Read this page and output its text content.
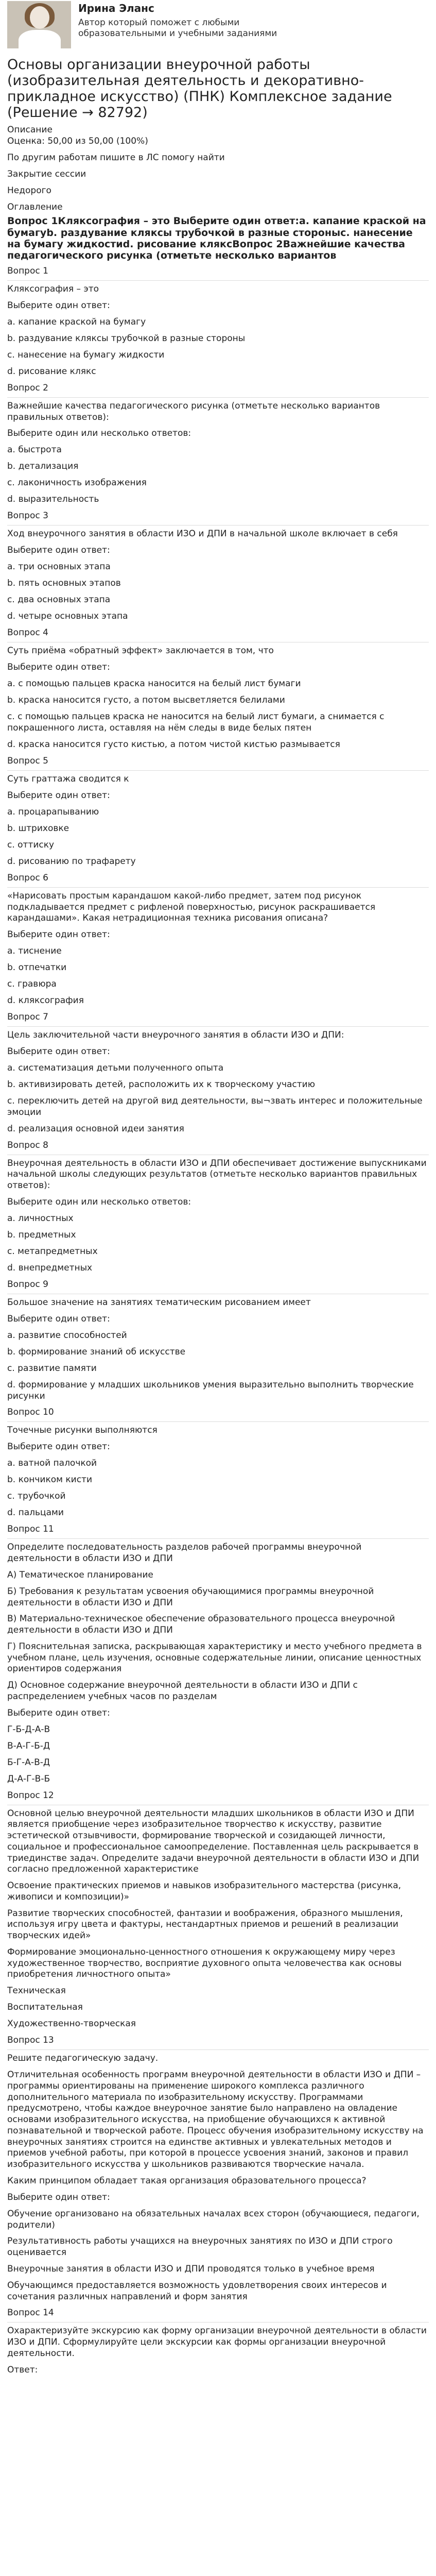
Ирина Эланс
Автор который поможет с любыми образовательными и учебными заданиями
Основы организации внеурочной работы (изобразительная деятельность и декоративно-прикладное искусство) (ПНК) Комплексное задание (Решение → 82792)

Описание

Оценка: 50,00 из 50,00 (100%)

По другим работам пишите в ЛС помогу найти

Закрытие сессии

Недорого

Оглавление

Вопрос 1Кляксография – это Выберите один ответ:a. капание краской на бумагуb. раздувание кляксы трубочкой в разные стороныc. нанесение на бумагу жидкостиd. рисование кляксВопрос 2Важнейшие качества педагогического рисунка (отметьте несколько вариантов

Вопрос 1

Кляксография – это

Выберите один ответ:

a. капание краской на бумагу

b. раздувание кляксы трубочкой в разные стороны

c. нанесение на бумагу жидкости

d. рисование клякс

Вопрос 2

Важнейшие качества педагогического рисунка (отметьте несколько вариантов правильных ответов):

Выберите один или несколько ответов:

a. быстрота

b. детализация

c. лаконичность изображения

d. выразительность

Вопрос 3

Ход внеурочного занятия в области ИЗО и ДПИ в начальной школе включает в себя

Выберите один ответ:

a. три основных этапа

b. пять основных этапов

c. два основных этапа

d. четыре основных этапа

Вопрос 4

Суть приёма «обратный эффект» заключается в том, что

Выберите один ответ:

a. с помощью пальцев краска наносится на белый лист бумаги

b. краска наносится густо, а потом высветляется белилами

c. с помощью пальцев краска не наносится на белый лист бумаги, а снимается с покрашенного листа, оставляя на нём следы в виде белых пятен

d. краска наносится густо кистью, а потом чистой кистью размывается

Вопрос 5

Суть граттажа сводится к

Выберите один ответ:

a. процарапыванию

b. штриховке

c. оттиску

d. рисованию по трафарету

Вопрос 6

«Нарисовать простым карандашом какой-либо предмет, затем под рисунок подкладывается предмет с рифленой поверхностью, рисунок раскрашивается карандашами». Какая нетрадиционная техника рисования описана?

Выберите один ответ:

a. тиснение

b. отпечатки

c. гравюра

d. кляксография

Вопрос 7

Цель заключительной части внеурочного занятия в области ИЗО и ДПИ:

Выберите один ответ:

a. систематизация детьми полученного опыта

b. активизировать детей, расположить их к творческому участию

c. переключить детей на другой вид деятельности, вы¬звать интерес и положительные эмоции

d. реализация основной идеи занятия

Вопрос 8

Внеурочная деятельность в области ИЗО и ДПИ обеспечивает достижение выпускниками начальной школы следующих результатов (отметьте несколько вариантов правильных ответов):

Выберите один или несколько ответов:

a. личностных

b. предметных

c. метапредметных

d. внепредметных

Вопрос 9

Большое значение на занятиях тематическим рисованием имеет

Выберите один ответ:

a. развитие способностей

b. формирование знаний об искусстве

c. развитие памяти

d. формирование у младших школьников умения выразительно выполнить творческие рисунки

Вопрос 10

Точечные рисунки выполняются

Выберите один ответ:

a. ватной палочкой

b. кончиком кисти

c. трубочкой

d. пальцами

Вопрос 11

Определите последовательность разделов рабочей программы внеурочной деятельности в области ИЗО и ДПИ

А) Тематическое планирование

Б) Требования к результатам усвоения обучающимися программы внеурочной деятельности в области ИЗО и ДПИ

В) Материально-техническое обеспечение образовательного процесса внеурочной деятельности в области ИЗО и ДПИ

Г) Пояснительная записка, раскрывающая характеристику и место учебного предмета в учебном плане, цель изучения, основные содержательные линии, описание ценностных ориентиров содержания

Д) Основное содержание внеурочной деятельности в области ИЗО и ДПИ с распределением учебных часов по разделам

Выберите один ответ:

Г-Б-Д-А-В

В-А-Г-Б-Д

Б-Г-А-В-Д

Д-А-Г-В-Б

Вопрос 12

Основной целью внеурочной деятельности младших школьников в области ИЗО и ДПИ является приобщение через изобразительное творчество к искусству, развитие эстетической отзывчивости, формирование творческой и созидающей личности, социальное и профессиональное самоопределение. Поставленная цель раскрывается в триединстве задач. Определите задачи внеурочной деятельности в области ИЗО и ДПИ согласно предложенной характеристике

Освоение практических приемов и навыков изобразительного мастерства (рисунка, живописи и композиции)»

Развитие творческих способностей, фантазии и воображения, образного мышления, используя игру цвета и фактуры, нестандартных приемов и решений в реализации творческих идей»

Формирование эмоционально-ценностного отношения к окружающему миру через художественное творчество, восприятие духовного опыта человечества как основы приобретения личностного опыта»

Техническая

Воспитательная

Художественно-творческая

Вопрос 13

Решите педагогическую задачу.

Отличительная особенность программ внеурочной деятельности в области ИЗО и ДПИ – программы ориентированы на применение широкого комплекса различного дополнительного материала по изобразительному искусству. Программами предусмотрено, чтобы каждое внеурочное занятие было направлено на овладение основами изобразительного искусства, на приобщение обучающихся к активной познавательной и творческой работе. Процесс обучения изобразительному искусству на внеурочных занятиях строится на единстве активных и увлекательных методов и приемов учебной работы, при которой в процессе усвоения знаний, законов и правил изобразительного искусства у школьников развиваются творческие начала.

Каким принципом обладает такая организация образовательного процесса?

Выберите один ответ:

Обучение организовано на обязательных началах всех сторон (обучающиеся, педагоги, родители)

Результативность работы учащихся на внеурочных занятиях по ИЗО и ДПИ строго оценивается

Внеурочные занятия в области ИЗО и ДПИ проводятся только в учебное время

Обучающимся предоставляется возможность удовлетворения своих интересов и сочетания различных направлений и форм занятия

Вопрос 14

Охарактеризуйте экскурсию как форму организации внеурочной деятельности в области ИЗО и ДПИ. Сформулируйте цели экскурсии как формы организации внеурочной деятельности.

Ответ:
